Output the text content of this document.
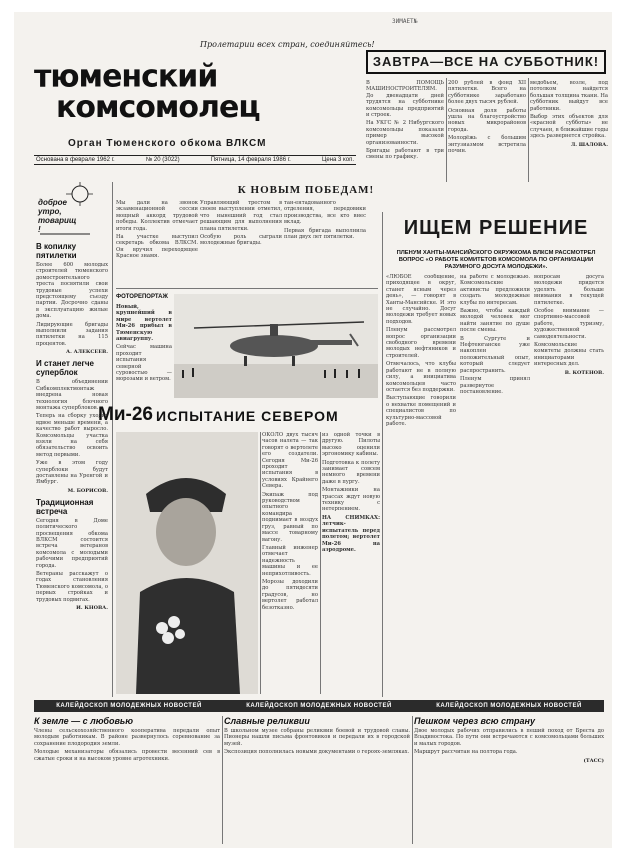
ЗИМАЕТ№
Пролетарии всех стран, соединяйтесь!
тюменский
комсомолец
Орган Тюменского обкома ВЛКСМ
Основана в феврале 1962 г.	№ 20 (3022)	Пятница, 14 февраля 1986 г.	Цена 3 коп.
ЗАВТРА—ВСЕ НА СУББОТНИК!

В ПОМОЩЬ МАШИНОСТРОИТЕЛЯМ. До двенадцати дней трудятся на субботнике комсомольцы предприятий и строек.

На УКГС № 2 Нибургского комсомольцы показали пример высокой организованности.

Бригады работают в три смены по графику.

200 рублей в фонд XII пятилетки. Всего на субботнике заработано более двух тысяч рублей.

Основная доля работы ушла на благоустройство новых микрорайонов города.

Молодёжь с большим энтузиазмом встретила почин.

медобьем, возле, под потолком найдется большая толщина ткани. На субботник выйдут все работники.

Выбор этих объектов для «красной субботы» не случаен, в ближайшие годы здесь развернется стройка.

Л. ШАЛОВА.
доброе утро, товарищ !
В копилку пятилетки

Более 600 молодых строителей тюменского домостроительного треста посвятили свои трудовые успехи предстоящему съезду партии. Досрочно сданы в эксплуатацию жилые дома.

Лидирующие бригады выполнили задания пятилетки на 115 процентов.

А. АЛЕКСЕЕВ.
И станет легче суперблок

В объединении Сибкомплектмонтаж внедрена новая технология блочного монтажа суперблоков.

Теперь на сборку уходит вдвое меньше времени, а качество работ выросло. Комсомольцы участка взяли на себя обязательство освоить метод первыми.

Уже в этом году суперблоки будут доставлены на Уренгой и Ямбург.

М. БОРИСОВ.
Традиционная встреча

Сегодня в Доме политического просвещения обкома ВЛКСМ состоится встреча ветеранов комсомола с молодыми рабочими предприятий города.

Ветераны расскажут о годах становления Тюменского комсомола, о первых стройках и трудовых подвигах.

И. КНОВА.
К НОВЫМ ПОБЕДАМ!

Мы дали на звонок экзаменационной сессии мощный аккорд трудовой победы. Коллектив отмечает итоги года.

На участке выступил секретарь обкома ВЛКСМ. Он вручил переходящее Красное знамя.

Управляющий трестом в своем выступлении отметил, что нынешний год стал решающим для выполнения плана пятилетки.

Особую роль сыграли молодежные бригады.

тан-ентадованного отделения, передовики производства, все кто внес вклад.

Первая бригада выполнила план двух лет пятилетки.	ИЩЕМ РЕШЕНИЕ
ПЛЕНУМ ХАНТЫ-МАНСИЙСКОГО ОКРУЖКОМА ВЛКСМ РАССМОТРЕЛ ВОПРОС «О РАБОТЕ КОМИТЕТОВ КОМСОМОЛА ПО ОРГАНИЗАЦИИ РАЗУМНОГО ДОСУГА МОЛОДЕЖИ».

«ЛЮБОЕ сообщение, приходящее в округ, станет ясным через день», — говорят в Ханты-Мансийске. И это не случайно. Досуг молодежи требует новых подходов.

Пленум рассмотрел вопрос организации свободного времени молодых нефтяников и строителей.

Отмечалось, что клубы работают не в полную силу, а инициатива комсомольцев часто остается без поддержки.

Выступающие говорили о нехватке помещений и специалистов по культурно-массовой работе.

на работе с молодежью. Комсомольские активисты предложили создать молодежные клубы по интересам.

Важно, чтобы каждый молодой человек мог найти занятие по душе после смены.

В Сургуте и Нефтеюганске уже накоплен положительный опыт, который следует распространить.

Пленум принял развернутое постановление.

вопросам досуга молодежи придется уделять больше внимания в текущей пятилетке.

Особое внимание — спортивно-массовой работе, туризму, художественной самодеятельности.

Комсомольские комитеты должны стать инициаторами интересных дел.

В. КОТЕНОВ.
ФОТОРЕПОРТАЖ

Новый, крупнейший в мире вертолет Ми-26 прибыл в Тюменскую авиагруппу.

Сейчас машина проходит испытания северной суровостью — морозами и ветром.

Ми-26 ИСПЫТАНИЕ СЕВЕРОМ

ОКОЛО двух тысяч часов налета — так говорят о вертолете его создатели. Сегодня Ми-26 проходит испытания в условиях Крайнего Севера.

Экипаж под руководством опытного командира поднимает в воздух груз, равный по массе товарному вагону.

Главный инженер отмечает надежность машины и ее неприхотливость.

Морозы доходили до пятидесяти градусов, но вертолет работал безотказно.

из одной точки в другую. Пилоты высоко оценили эргономику кабины.

Подготовка к полету занимает совсем немного времени даже в пургу.

Монтажники на трассах ждут новую технику с нетерпением.

НА СНИМКАХ: летчик-испытатель перед полетом; вертолет Ми-26 на аэродроме.

КАЛЕЙДОСКОП МОЛОДЕЖНЫХ НОВОСТЕЙ	КАЛЕЙДОСКОП МОЛОДЕЖНЫХ НОВОСТЕЙ	КАЛЕЙДОСКОП МОЛОДЕЖНЫХ НОВОСТЕЙ
К земле — с любовью

Члены сельскохозяйственного кооператива передали опыт молодым работникам. В районе развернулось соревнование за сохранение плодородия земли.

Молодые механизаторы обязались провести весенний сев в сжатые сроки и на высоком уровне агротехники.

Славные реликвии

В школьном музее собраны реликвии боевой и трудовой славы. Пионеры нашли письма фронтовиков и передали их в городской музей.

Экспозиция пополнилась новыми документами о героях-земляках.

Пешком через всю страну

Двое молодых рабочих отправились в пеший поход от Бреста до Владивостока. По пути они встречаются с комсомольцами больших и малых городов.

Маршрут рассчитан на полтора года.

(ТАСС)
